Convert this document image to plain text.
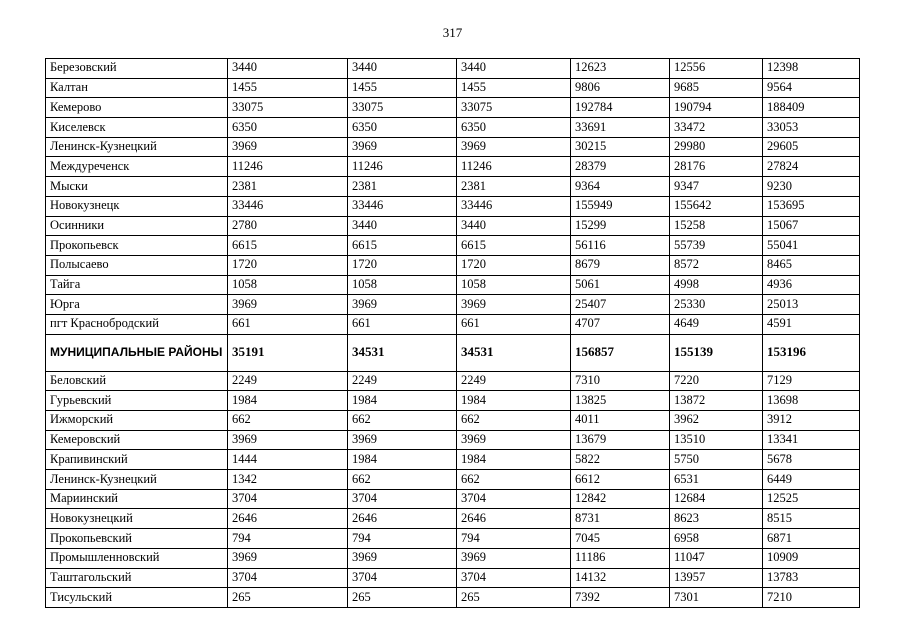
317
Березовский	3440	3440	3440	12623	12556	12398
Калтан	1455	1455	1455	9806	9685	9564
Кемерово	33075	33075	33075	192784	190794	188409
Киселевск	6350	6350	6350	33691	33472	33053
Ленинск-Кузнецкий	3969	3969	3969	30215	29980	29605
Междуреченск	11246	11246	11246	28379	28176	27824
Мыски	2381	2381	2381	9364	9347	9230
Новокузнецк	33446	33446	33446	155949	155642	153695
Осинники	2780	3440	3440	15299	15258	15067
Прокопьевск	6615	6615	6615	56116	55739	55041
Полысаево	1720	1720	1720	8679	8572	8465
Тайга	1058	1058	1058	5061	4998	4936
Юрга	3969	3969	3969	25407	25330	25013
пгт Краснобродский	661	661	661	4707	4649	4591
МУНИЦИПАЛЬНЫЕ РАЙОНЫ	35191	34531	34531	156857	155139	153196
Беловский	2249	2249	2249	7310	7220	7129
Гурьевский	1984	1984	1984	13825	13872	13698
Ижморский	662	662	662	4011	3962	3912
Кемеровский	3969	3969	3969	13679	13510	13341
Крапивинский	1444	1984	1984	5822	5750	5678
Ленинск-Кузнецкий	1342	662	662	6612	6531	6449
Мариинский	3704	3704	3704	12842	12684	12525
Новокузнецкий	2646	2646	2646	8731	8623	8515
Прокопьевский	794	794	794	7045	6958	6871
Промышленновский	3969	3969	3969	11186	11047	10909
Таштагольский	3704	3704	3704	14132	13957	13783
Тисульский	265	265	265	7392	7301	7210
